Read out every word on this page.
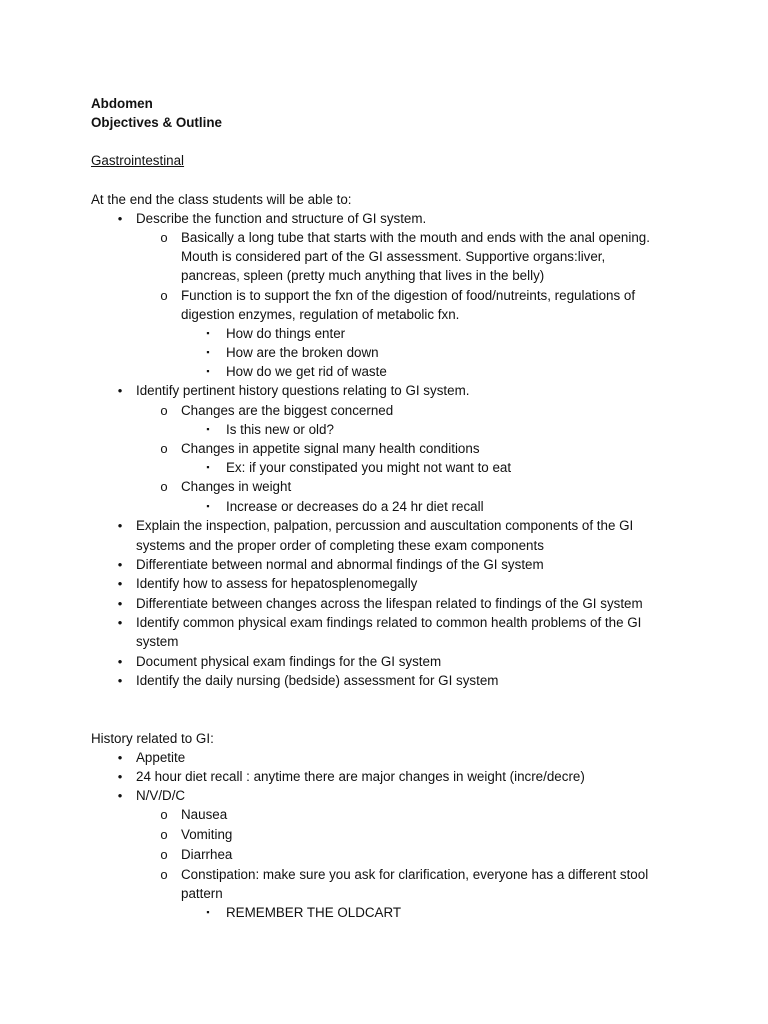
Abdomen
Objectives & Outline
Gastrointestinal
At the end the class students will be able to:
•	Describe the function and structure of GI system.
o Basically a long tube that starts with the mouth and ends with the anal opening.
Mouth is considered part of the GI assessment. Supportive organs:liver,
pancreas, spleen (pretty much anything that lives in the belly)
o Function is to support the fxn of the digestion of food/nutreints, regulations of
digestion enzymes, regulation of metabolic fxn.
▪	How do things enter
▪	How are the broken down
▪	How do we get rid of waste
•	Identify pertinent history questions relating to GI system.
o Changes are the biggest concerned
▪	Is this new or old?
o Changes in appetite signal many health conditions
▪	Ex: if your constipated you might not want to eat
o Changes in weight
▪	Increase or decreases do a 24 hr diet recall
•	Explain the inspection, palpation, percussion and auscultation components of the GI
systems and the proper order of completing these exam components
•	Differentiate between normal and abnormal findings of the GI system
•	Identify how to assess for hepatosplenomegally
•	Differentiate between changes across the lifespan related to findings of the GI system
•	Identify common physical exam findings related to common health problems of the GI
system
•	Document physical exam findings for the GI system
•	Identify the daily nursing (bedside) assessment for GI system
History related to GI:
•	Appetite
•	24 hour diet recall : anytime there are major changes in weight (incre/decre)
•	N/V/D/C
o Nausea
o Vomiting
o Diarrhea
o Constipation: make sure you ask for clarification, everyone has a different stool
pattern
▪	REMEMBER THE OLDCART
